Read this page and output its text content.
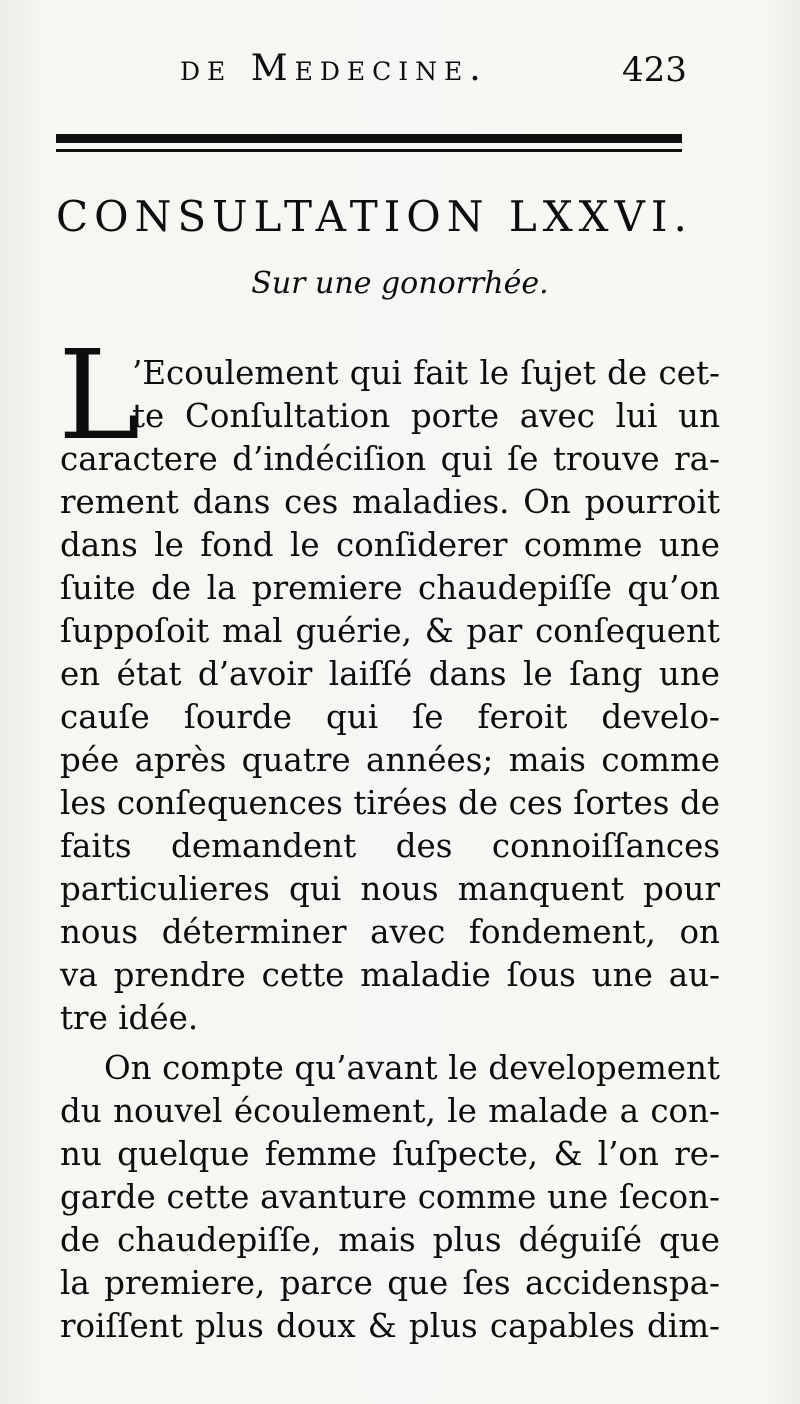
de Medecine.	423
CONSULTATION LXXVI.
Sur une gonorrhée.
L
’Ecoulement qui fait le ſujet de cet-
te Conſultation porte avec lui un
caractere d’indéciſion qui ſe trouve ra-
rement dans ces maladies. On pourroit
dans le fond le conſiderer comme une
ſuite de la premiere chaudepiſſe qu’on
ſuppoſoit mal guérie, & par conſequent
en état d’avoir laiſſé dans le ſang une
cauſe ſourde qui ſe feroit develo-
pée après quatre années; mais comme
les conſequences tirées de ces ſortes de
faits demandent des connoiſſances
particulieres qui nous manquent pour
nous déterminer avec fondement, on
va prendre cette maladie ſous une au-
tre idée.
On compte qu’avant le developement
du nouvel écoulement, le malade a con-
nu quelque femme ſuſpecte, & l’on re-
garde cette avanture comme une ſecon-
de chaudepiſſe, mais plus déguiſé que
la premiere, parce que ſes accidenspa-
roiſſent plus doux & plus capables dim-
